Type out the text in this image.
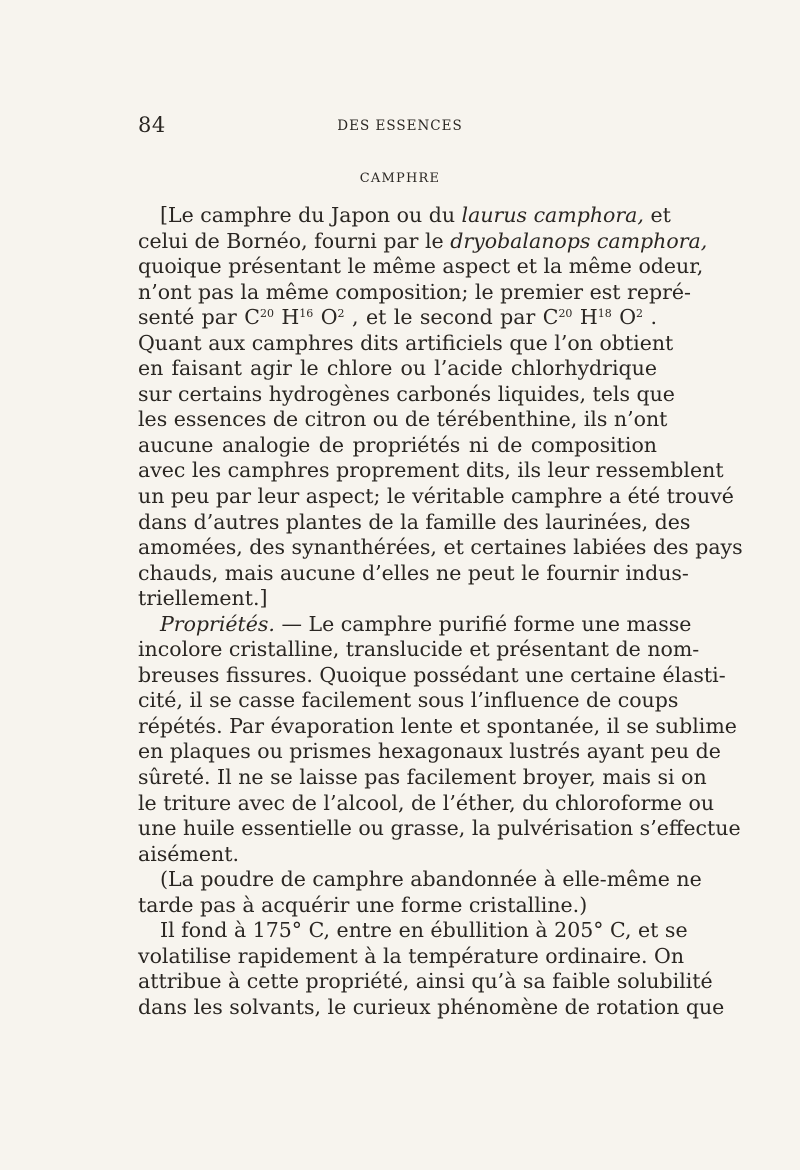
84	DES ESSENCES
CAMPHRE
[Le camphre du Japon ou du laurus camphora, et
celui de Bornéo, fourni par le dryobalanops camphora,
quoique présentant le même aspect et la même odeur,
n’ont pas la même composition; le premier est repré-
senté par $C^{20}$ $H^{16}$ $O^2$ , et le second par $C^{20}$ $H^{18}$ $O^2$ .
Quant aux camphres dits artificiels que l’on obtient
en faisant agir le chlore ou l’acide chlorhydrique
sur certains hydrogènes carbonés liquides, tels que
les essences de citron ou de térébenthine, ils n’ont
aucune analogie de propriétés ni de composition
avec les camphres proprement dits, ils leur ressemblent
un peu par leur aspect; le véritable camphre a été trouvé
dans d’autres plantes de la famille des laurinées, des
amomées, des synanthérées, et certaines labiées des pays
chauds, mais aucune d’elles ne peut le fournir indus-
triellement.]
Propriétés. — Le camphre purifié forme une masse
incolore cristalline, translucide et présentant de nom-
breuses fissures. Quoique possédant une certaine élasti-
cité, il se casse facilement sous l’influence de coups
répétés. Par évaporation lente et spontanée, il se sublime
en plaques ou prismes hexagonaux lustrés ayant peu de
sûreté. Il ne se laisse pas facilement broyer, mais si on
le triture avec de l’alcool, de l’éther, du chloroforme ou
une huile essentielle ou grasse, la pulvérisation s’effectue
aisément.
(La poudre de camphre abandonnée à elle-même ne
tarde pas à acquérir une forme cristalline.)
Il fond à 175° C, entre en ébullition à 205° C, et se
volatilise rapidement à la température ordinaire. On
attribue à cette propriété, ainsi qu’à sa faible solubilité
dans les solvants, le curieux phénomène de rotation que
